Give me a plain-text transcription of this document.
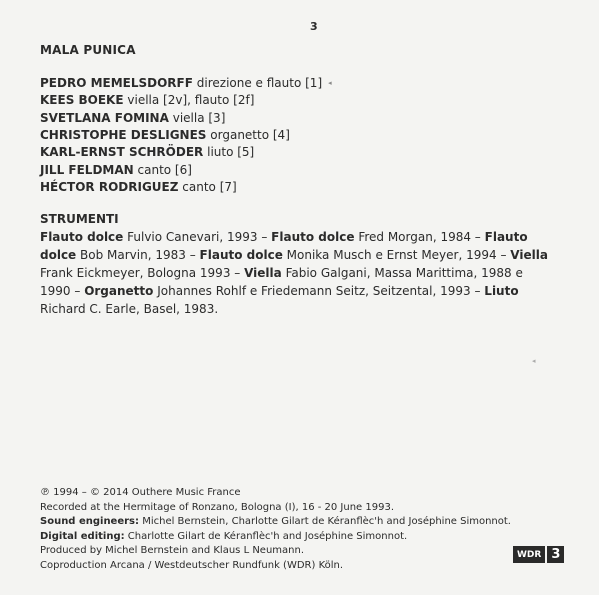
3
MALA PUNICA
PEDRO MEMELSDORFF direzione e flauto [1] ◂
KEES BOEKE viella [2v], flauto [2f]
SVETLANA FOMINA viella [3]
CHRISTOPHE DESLIGNES organetto [4]
KARL-ERNST SCHRÖDER liuto [5]
JILL FELDMAN canto [6]
HÉCTOR RODRIGUEZ canto [7]
STRUMENTI
Flauto dolce Fulvio Canevari, 1993 – Flauto dolce Fred Morgan, 1984 – Flauto dolce Bob Marvin, 1983 – Flauto dolce Monika Musch e Ernst Meyer, 1994 – Viella Frank Eickmeyer, Bologna 1993 – Viella Fabio Galgani, Massa Marittima, 1988 e 1990 – Organetto Johannes Rohlf e Friedemann Seitz, Seitzental, 1993 – Liuto Richard C. Earle, Basel, 1983.
◂
℗ 1994 – © 2014 Outhere Music France
Recorded at the Hermitage of Ronzano, Bologna (I), 16 - 20 June 1993.
Sound engineers: Michel Bernstein, Charlotte Gilart de Kéranflèc'h and Joséphine Simonnot.
Digital editing: Charlotte Gilart de Kéranflèc'h and Joséphine Simonnot.
Produced by Michel Bernstein and Klaus L Neumann.
Coproduction Arcana / Westdeutscher Rundfunk (WDR) Köln.
WDR 3
